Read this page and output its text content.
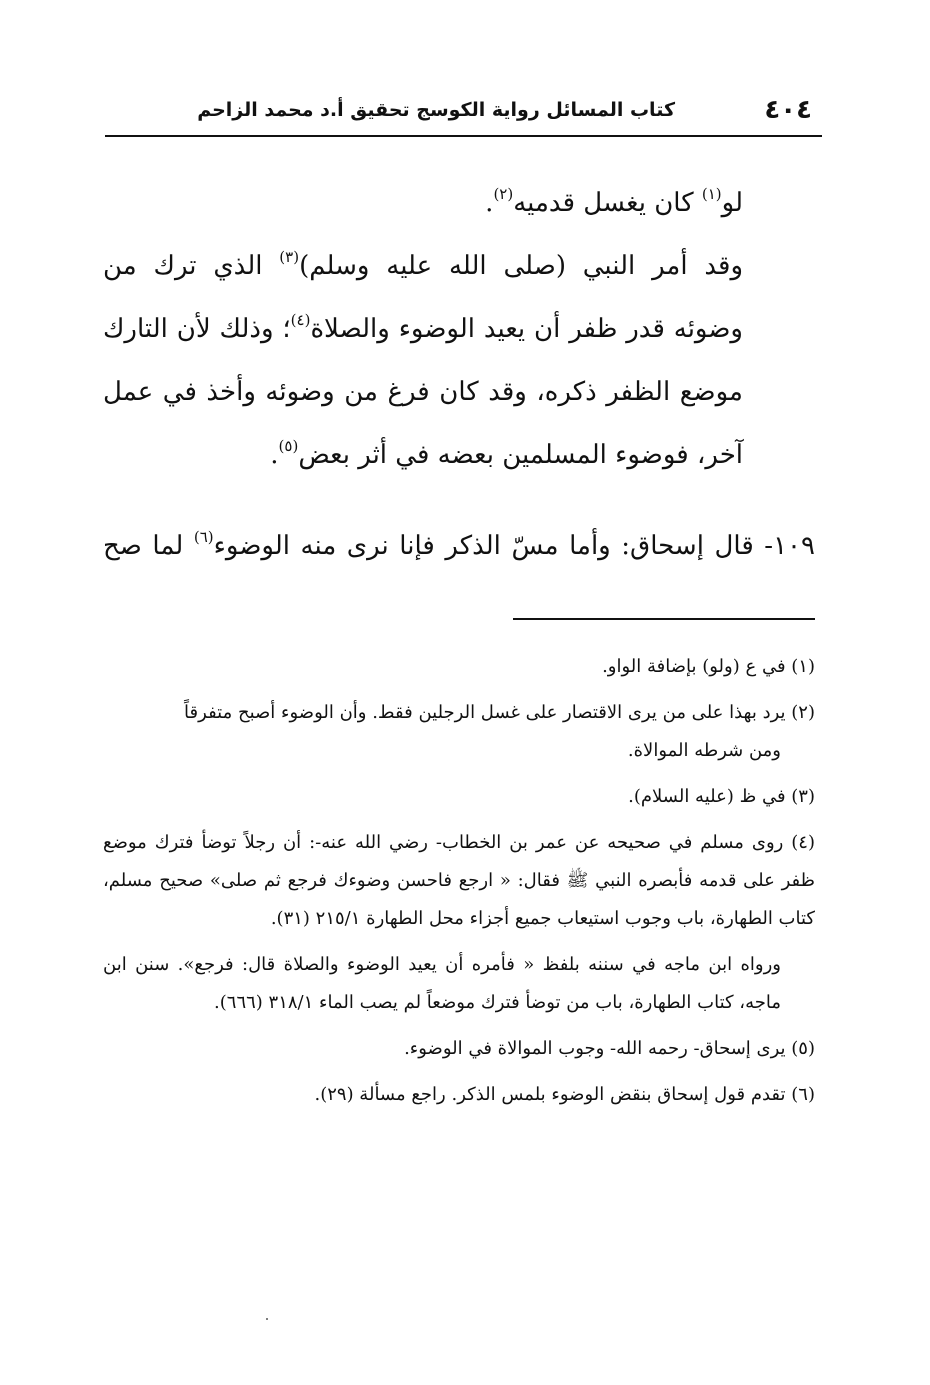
٤٠٤
كتاب المسائل رواية الكوسج تحقيق أ.د محمد الزاحم

لو$^{(١)}$ كان يغسل قدميه$^{(٢)}$.

وقد أمر النبي (صلى الله عليه وسلم)$^{(٣)}$ الذي ترك من وضوئه قدر ظفر أن يعيد الوضوء والصلاة$^{(٤)}$؛ وذلك لأن التارك موضع الظفر ذكره، وقد كان فرغ من وضوئه وأخذ في عمل آخر، فوضوء المسلمين بعضه في أثر بعض$^{(٥)}$.

١٠٩- قال إسحاق: وأما مسّ الذكر فإنا نرى منه الوضوء$^{(٦)}$ لما صح

(١) في ع (ولو) بإضافة الواو.

(٢) يرد بهذا على من يرى الاقتصار على غسل الرجلين فقط. وأن الوضوء أصبح متفرقاً

ومن شرطه الموالاة.

(٣) في ظ (عليه السلام).

(٤) روى مسلم في صحيحه عن عمر بن الخطاب- رضي الله عنه-: أن رجلاً توضأ فترك موضع ظفر على قدمه فأبصره النبي ﷺ فقال: « ارجع فاحسن وضوءك فرجع ثم صلى» صحيح مسلم، كتاب الطهارة، باب وجوب استيعاب جميع أجزاء محل الطهارة ٢١٥/١ (٣١).

ورواه ابن ماجه في سننه بلفظ « فأمره أن يعيد الوضوء والصلاة قال: فرجع». سنن ابن ماجه، كتاب الطهارة، باب من توضأ فترك موضعاً لم يصب الماء ٣١٨/١ (٦٦٦).

(٥) يرى إسحاق- رحمه الله- وجوب الموالاة في الوضوء.

(٦) تقدم قول إسحاق بنقض الوضوء بلمس الذكر. راجع مسألة (٢٩).
